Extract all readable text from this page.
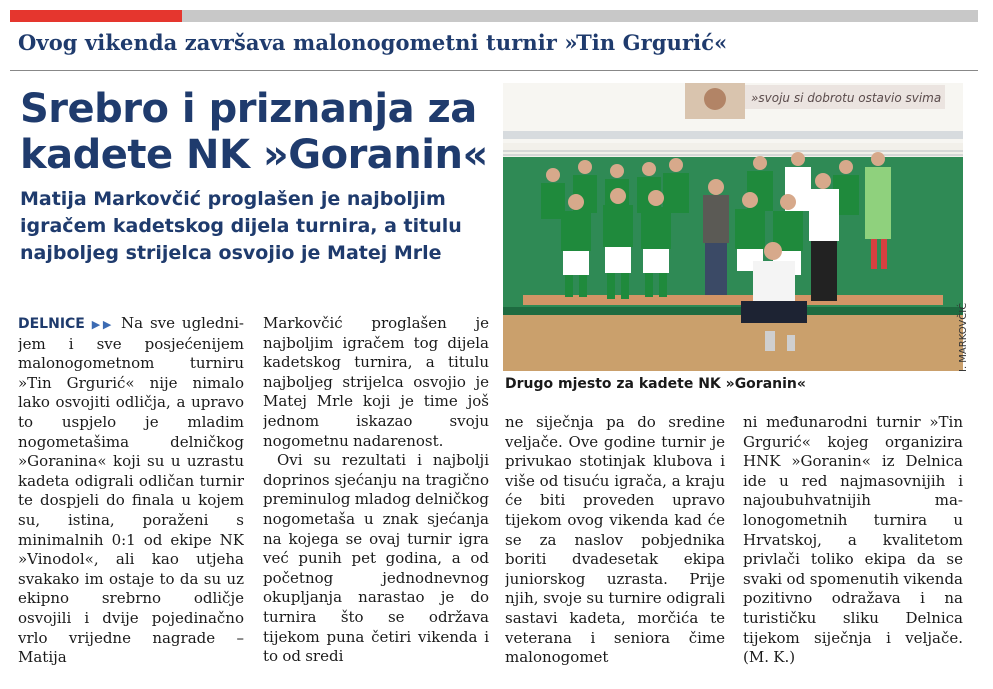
Ovog vikenda završava malonogometni turnir »Tin Grgurić«
Srebro i priznanja za
kadete NK »Goranin«

Matija Markovčić proglašen je najboljim igračem kadetskog dijela turnira, a titulu najboljeg strijelca osvojio je Matej Mrle

DELNICE ▶▶ Na sve uglednijem i sve posjećenijem malonogometnom turniru »Tin Grgurić« nije nimalo lako osvojiti odličja, a upravo to uspjelo je mladim nogometašima delničkog »Goranina« koji su u uzrastu kadeta odigrali odličan turnir te dospjeli do finala u kojem su, istina, poraženi s minimalnih 0:1 od ekipe NK »Vinodol«, ali kao utjeha svakako im ostaje to da su uz ekipno srebrno odličje osvojili i dvije pojedinačno vrlo vrijedne nagrade – Matija

Markovčić proglašen je najboljim igračem tog dijela kadetskog turnira, a titulu najboljeg strijelca osvojio je Matej Mrle koji je time još jednom iskazao svoju nogometnu nadarenost.

Ovi su rezultati i najbolji doprinos sjećanju na tragično preminulog mladog delničkog nogometaša u znak sjećanja na kojega se ovaj turnir igra već punih pet godina, a od početnog jednodnevnog okupljanja narastao je do turnira što se održava tijekom puna četiri vikenda i to od sredi

ne siječnja pa do sredine veljače. Ove godine turnir je privukao stotinjak klubova i više od tisuću igrača, a kraju će biti proveden upravo tijekom ovog vikenda kad će se za naslov pobjednika boriti dvadesetak ekipa juniorskog uzrasta. Prije njih, svoje su turnire odigrali sastavi kadeta, morčića te veterana i seniora čime malonogomet

ni međunarodni turnir »Tin Grgurić« kojeg organizira HNK »Goranin« iz Delnica ide u red najmasovnijih i najoubuhvatnijih malonogometnih turnira u Hrvatskoj, a kvalitetom privlači toliko ekipa da se svaki od spomenutih vikenda pozitivno odražava i na turističku sliku Delnica tijekom siječnja i veljače. (M. K.)

»svoju si dobrotu ostavio svima
I. MARKOVČIĆ
Drugo mjesto za kadete NK »Goranin«
